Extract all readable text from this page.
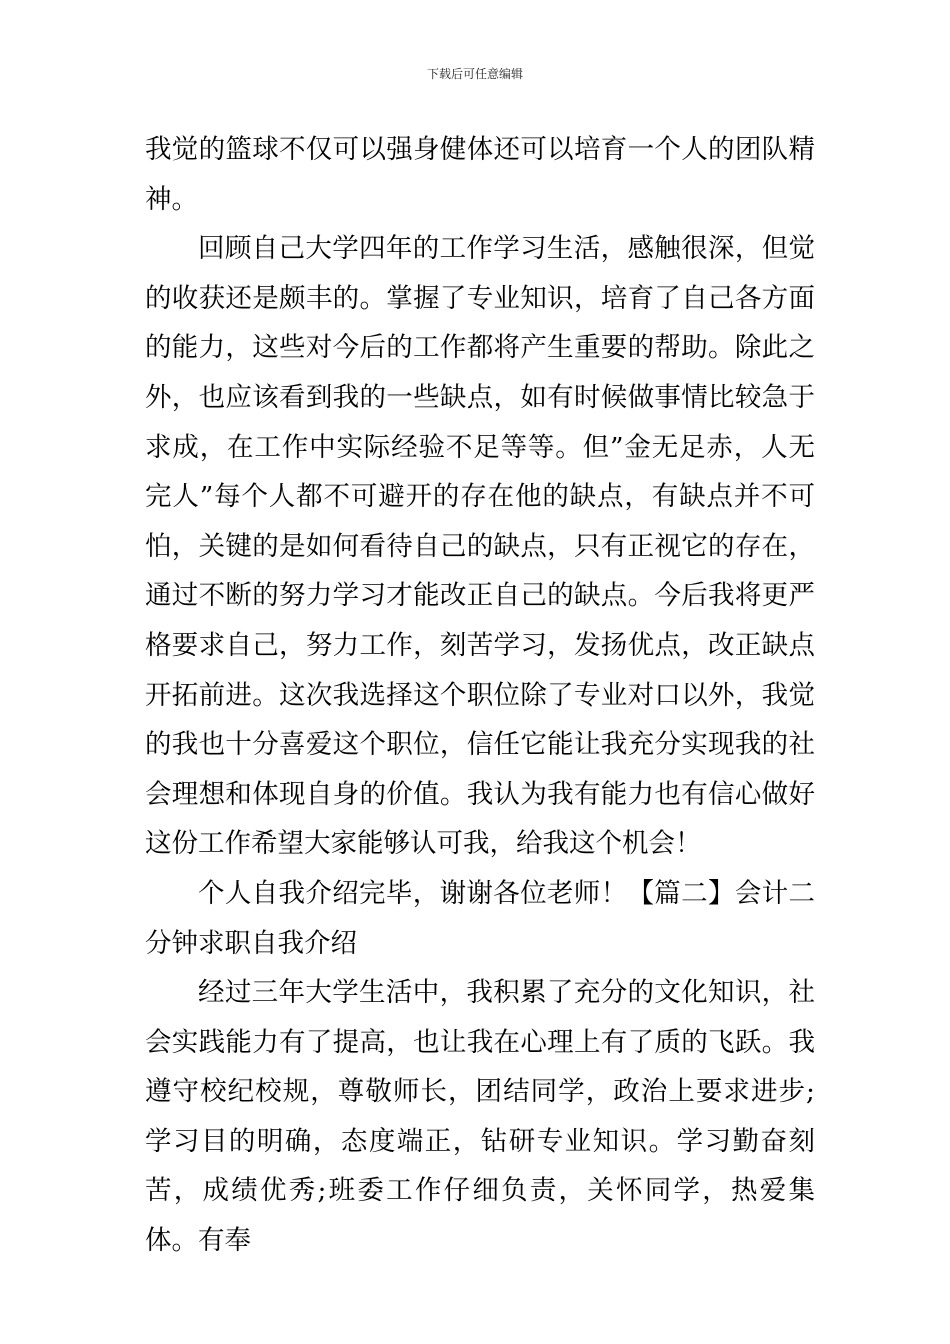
下载后可任意编辑

我觉的篮球不仅可以强身健体还可以培育一个人的团队精神。

回顾自己大学四年的工作学习生活，感触很深，但觉的收获还是颇丰的。掌握了专业知识，培育了自己各方面的能力，这些对今后的工作都将产生重要的帮助。除此之外，也应该看到我的一些缺点，如有时候做事情比较急于求成，在工作中实际经验不足等等。但”金无足赤，人无完人”每个人都不可避开的存在他的缺点，有缺点并不可怕，关键的是如何看待自己的缺点，只有正视它的存在，通过不断的努力学习才能改正自己的缺点。今后我将更严格要求自己，努力工作，刻苦学习，发扬优点，改正缺点开拓前进。这次我选择这个职位除了专业对口以外，我觉的我也十分喜爱这个职位，信任它能让我充分实现我的社会理想和体现自身的价值。我认为我有能力也有信心做好这份工作希望大家能够认可我，给我这个机会！

个人自我介绍完毕，谢谢各位老师！【篇二】会计二分钟求职自我介绍

经过三年大学生活中，我积累了充分的文化知识，社会实践能力有了提高，也让我在心理上有了质的飞跃。我遵守校纪校规，尊敬师长，团结同学，政治上要求进步;学习目的明确，态度端正，钻研专业知识。学习勤奋刻苦，成绩优秀;班委工作仔细负责，关怀同学，热爱集体。有奉
